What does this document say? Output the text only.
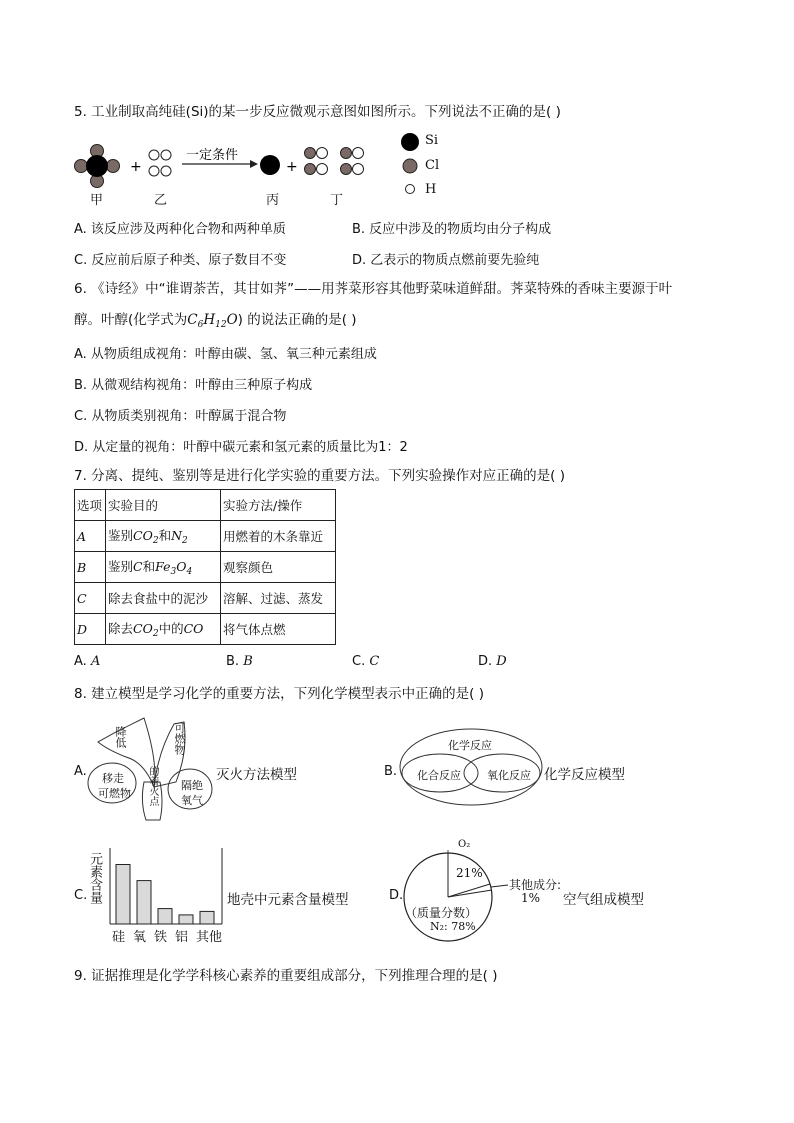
5. 工业制取高纯硅(Si)的某一步反应微观示意图如图所示。下列说法不正确的是( )
+
一定条件
+
Si
Cl
H
甲	乙	丙	丁
A. 该反应涉及两种化合物和两种单质	B. 反应中涉及的物质均由分子构成
C. 反应前后原子种类、原子数目不变	D. 乙表示的物质点燃前要先验纯
6. 《诗经》中“谁谓荼苦，其甘如荠”——用荠菜形容其他野菜味道鲜甜。荠菜特殊的香味主要源于叶
醇。叶醇(化学式为$C_6H_{12}O$) 的说法正确的是( )
A. 从物质组成视角：叶醇由碳、氢、氧三种元素组成
B. 从微观结构视角：叶醇由三种原子构成
C. 从物质类别视角：叶醇属于混合物
D. 从定量的视角：叶醇中碳元素和氢元素的质量比为1：2
7. 分离、提纯、鉴别等是进行化学实验的重要方法。下列实验操作对应正确的是( )
选项	实验目的	实验方法/操作
A	鉴别$CO_2$和$N_2$	用燃着的木条靠近
B	鉴别C和$Fe_3O_4$	观察颜色
C	除去食盐中的泥沙	溶解、过滤、蒸发
D	除去$CO_2$中的CO	将气体点燃
A. A	B. B	C. C	D. D
8. 建立模型是学习化学的重要方法，下列化学模型表示中正确的是( )
A.
降低	可燃物
的着火点
移走
可燃物
隔绝
氧气
灭火方法模型	B.
化学反应
化合反应 氧化反应 化学反应模型
C. 元素含量
硅 氧 铁 铝 其他
地壳中元素含量模型	D.
O₂
21%
其他成分:
1%
（质量分数）
N₂: 78%
空气组成模型
9. 证据推理是化学学科核心素养的重要组成部分，下列推理合理的是( )
